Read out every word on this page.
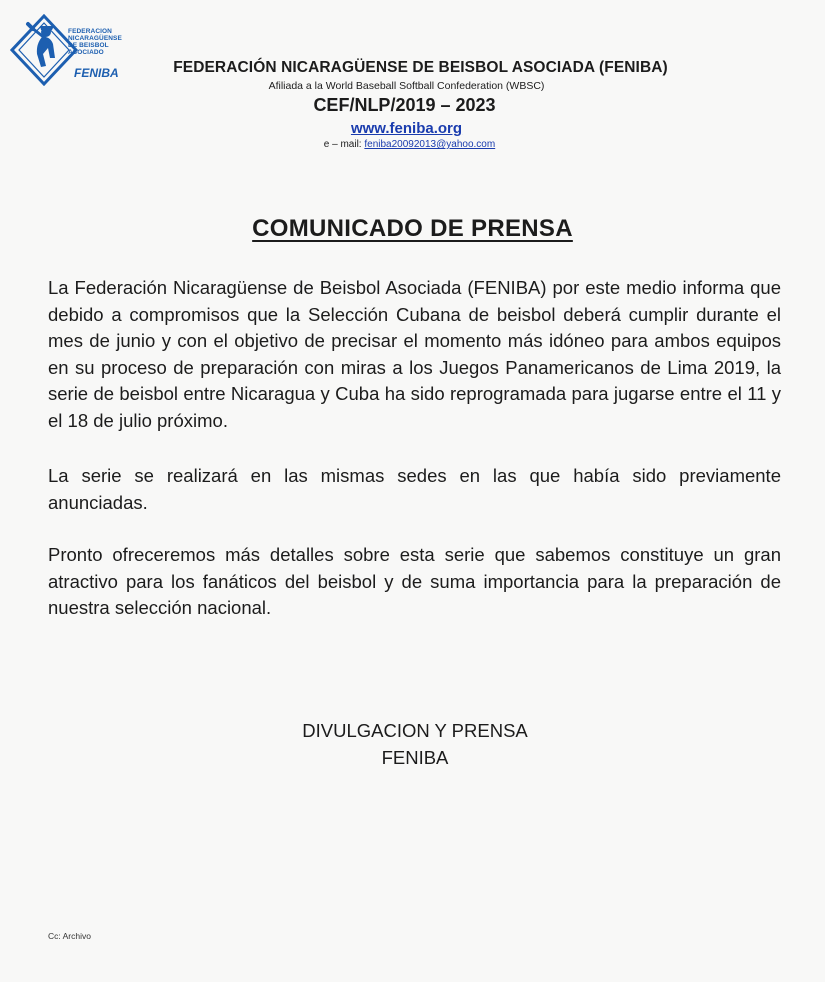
FEDERACION
NICARAGÜENSE
DE BEISBOL
ASOCIADO
FENIBA	FEDERACIÓN NICARAGÜENSE DE BEISBOL ASOCIADA (FENIBA)
Afiliada a la World Baseball Softball Confederation (WBSC)
CEF/NLP/2019 – 2023
www.feniba.org
e – mail: feniba20092013@yahoo.com
COMUNICADO DE PRENSA

La Federación Nicaragüense de Beisbol Asociada (FENIBA) por este medio informa que debido a compromisos que la Selección Cubana de beisbol deberá cumplir durante el mes de junio y con el objetivo de precisar el momento más idóneo para ambos equipos en su proceso de preparación con miras a los Juegos Panamericanos de Lima 2019, la serie de beisbol entre Nicaragua y Cuba ha sido reprogramada para jugarse entre el 11 y el 18 de julio próximo.

La serie se realizará en las mismas sedes en las que había sido previamente anunciadas.

Pronto ofreceremos más detalles sobre esta serie que sabemos constituye un gran atractivo para los fanáticos del beisbol y de suma importancia para la preparación de nuestra selección nacional.

DIVULGACION Y PRENSA
FENIBA
Cc: Archivo
